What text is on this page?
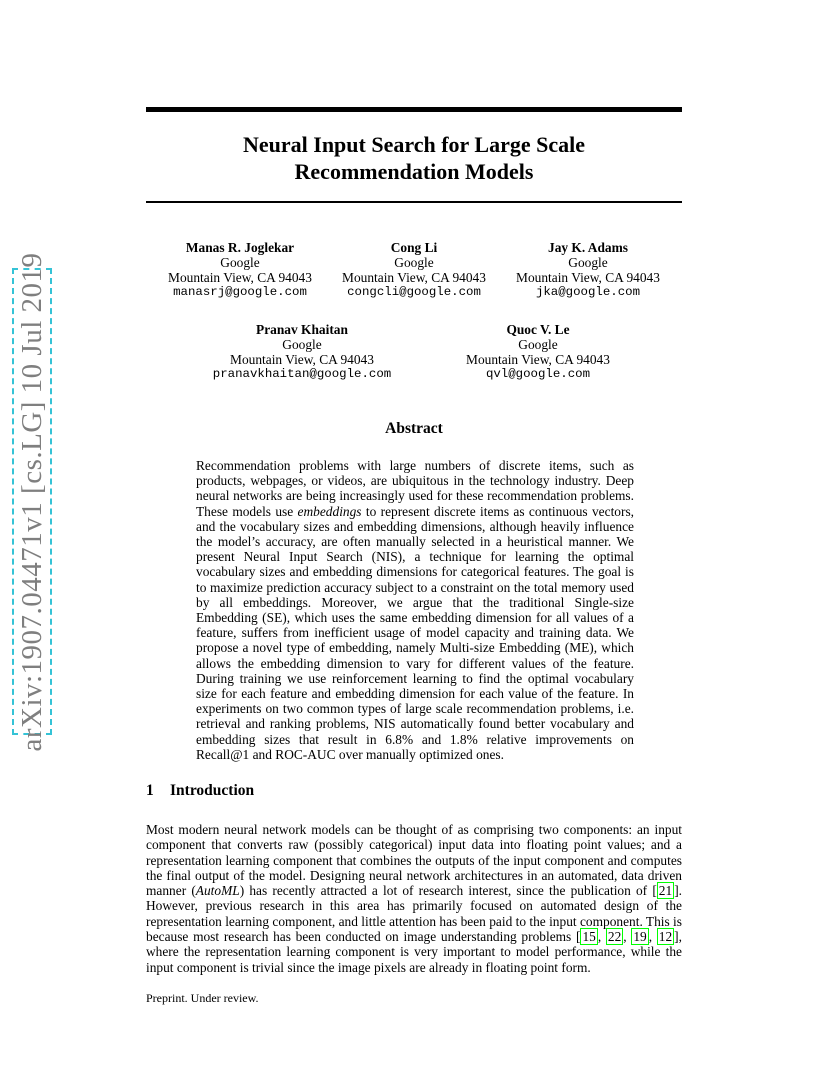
arXiv:1907.04471v1 [cs.LG] 10 Jul 2019
Neural Input Search for Large Scale
Recommendation Models
Manas R. Joglekar
Google
Mountain View, CA 94043
manasrj@google.com
Cong Li
Google
Mountain View, CA 94043
congcli@google.com
Jay K. Adams
Google
Mountain View, CA 94043
jka@google.com
Pranav Khaitan
Google
Mountain View, CA 94043
pranavkhaitan@google.com
Quoc V. Le
Google
Mountain View, CA 94043
qvl@google.com
Abstract
Recommendation problems with large numbers of discrete items, such as products, webpages, or videos, are ubiquitous in the technology industry. Deep neural networks are being increasingly used for these recommendation problems. These models use embeddings to represent discrete items as continuous vectors, and the vocabulary sizes and embedding dimensions, although heavily influence the model’s accuracy, are often manually selected in a heuristical manner. We present Neural Input Search (NIS), a technique for learning the optimal vocabulary sizes and embedding dimensions for categorical features. The goal is to maximize prediction accuracy subject to a constraint on the total memory used by all embeddings. Moreover, we argue that the traditional Single-size Embedding (SE), which uses the same embedding dimension for all values of a feature, suffers from inefficient usage of model capacity and training data. We propose a novel type of embedding, namely Multi-size Embedding (ME), which allows the embedding dimension to vary for different values of the feature. During training we use reinforcement learning to find the optimal vocabulary size for each feature and embedding dimension for each value of the feature. In experiments on two common types of large scale recommendation problems, i.e. retrieval and ranking problems, NIS automatically found better vocabulary and embedding sizes that result in 6.8% and 1.8% relative improvements on Recall@1 and ROC-AUC over manually optimized ones.
1 Introduction
Most modern neural network models can be thought of as comprising two components: an input component that converts raw (possibly categorical) input data into floating point values; and a representation learning component that combines the outputs of the input component and computes the final output of the model. Designing neural network architectures in an automated, data driven manner (AutoML) has recently attracted a lot of research interest, since the publication of [ 21 ]. However, previous research in this area has primarily focused on automated design of the representation learning component, and little attention has been paid to the input component. This is because most research has been conducted on image understanding problems [ 15 , 22 , 19 , 12 ], where the representation learning component is very important to model performance, while the input component is trivial since the image pixels are already in floating point form.
Preprint. Under review.
